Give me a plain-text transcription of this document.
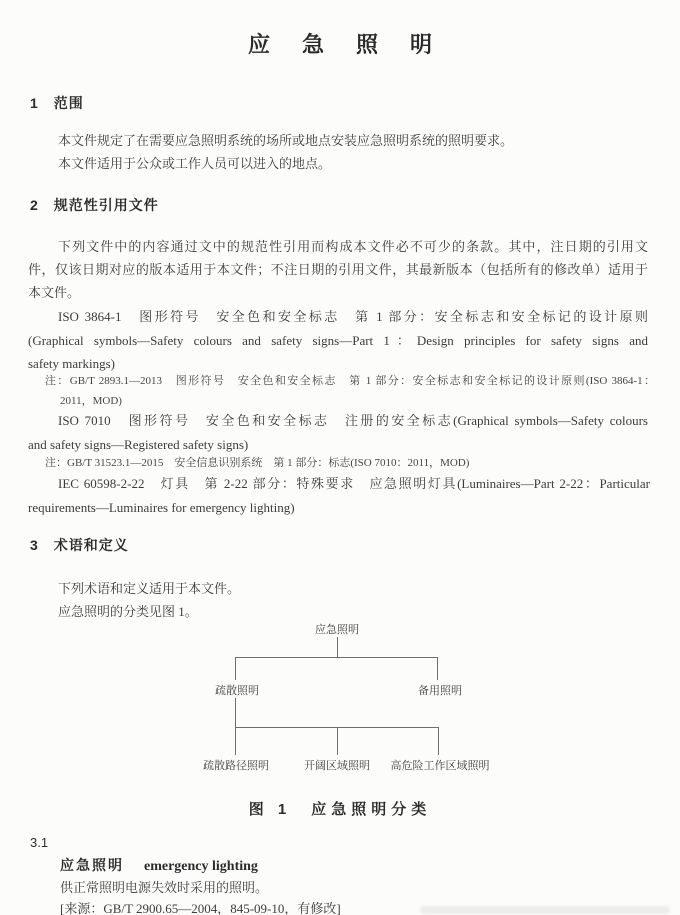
应急照明
1　范围
本文件规定了在需要应急照明系统的场所或地点安装应急照明系统的照明要求。
本文件适用于公众或工作人员可以进入的地点。
2　规范性引用文件
下列文件中的内容通过文中的规范性引用而构成本文件必不可少的条款。其中，注日期的引用文
件，仅该日期对应的版本适用于本文件；不注日期的引用文件，其最新版本（包括所有的修改单）适用于
本文件。
ISO 3864-1　图形符号　安全色和安全标志　第 1 部分：安全标志和安全标记的设计原则
(Graphical symbols—Safety colours and safety signs—Part 1：Design principles for safety signs and
safety markings)
注：GB/T 2893.1—2013　图形符号　安全色和安全标志　第 1 部分：安全标志和安全标记的设计原则(ISO 3864-1：
2011，MOD)
ISO 7010　图形符号　安全色和安全标志　注册的安全标志(Graphical symbols—Safety colours
and safety signs—Registered safety signs)
注：GB/T 31523.1—2015　安全信息识别系统　第 1 部分：标志(ISO 7010：2011，MOD)
IEC 60598-2-22　灯具　第 2-22 部分：特殊要求　应急照明灯具(Luminaires—Part 2-22：Particular
requirements—Luminaires for emergency lighting)
3　术语和定义
下列术语和定义适用于本文件。
应急照明的分类见图 1。
应急照明
疏散照明	备用照明
疏散路径照明	开阔区域照明 高危险工作区域照明
图 1　应急照明分类
3.1
应急照明 emergency lighting
供正常照明电源失效时采用的照明。
[来源：GB/T 2900.65—2004，845-09-10，有修改]
